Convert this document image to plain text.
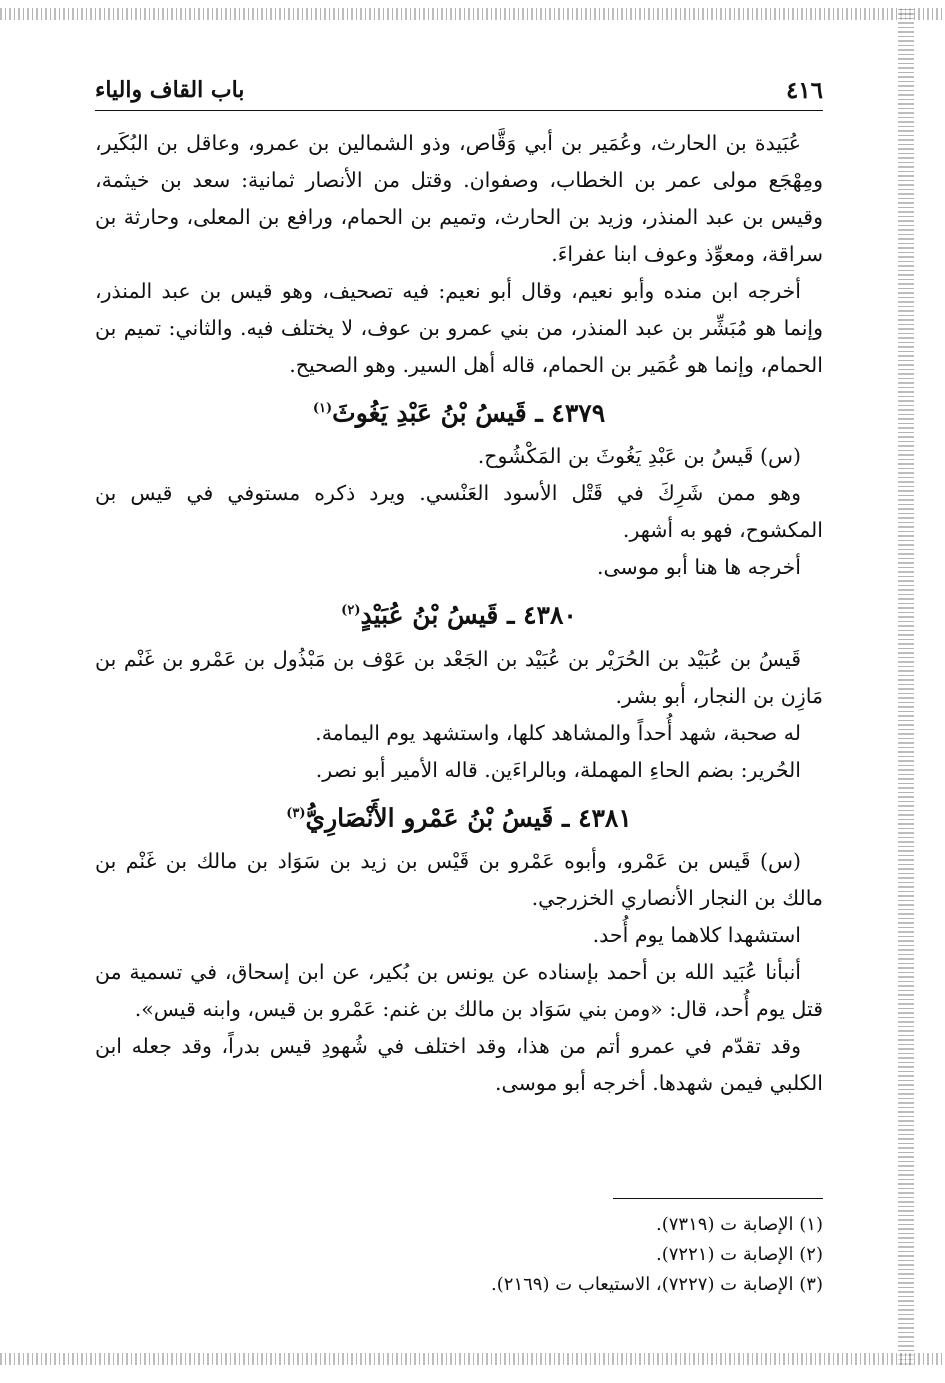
٤١٦
باب القاف والياء

عُبَيدة بن الحارث، وعُمَير بن أبي وَقَّاص، وذو الشمالين بن عمرو، وعاقل بن البُكَير، ومِهْجَع مولى عمر بن الخطاب، وصفوان. وقتل من الأنصار ثمانية: سعد بن خيثمة، وقيس بن عبد المنذر، وزيد بن الحارث، وتميم بن الحمام، ورافع بن المعلى، وحارثة بن سراقة، ومعوِّذ وعوف ابنا عفراءَ.

أخرجه ابن منده وأبو نعيم، وقال أبو نعيم: فيه تصحيف، وهو قيس بن عبد المنذر، وإنما هو مُبَشِّر بن عبد المنذر، من بني عمرو بن عوف، لا يختلف فيه. والثاني: تميم بن الحمام، وإنما هو عُمَير بن الحمام، قاله أهل السير. وهو الصحيح.

٤٣٧٩ ـ قَيسُ بْنُ عَبْدِ يَغُوثَ$^{(١)}$

(س) قَيسُ بن عَبْدِ يَغُوثَ بن المَكْشُوح.

وهو ممن شَرِكَ في قَتْل الأسود العَنْسي. ويرد ذكره مستوفي في قيس بن المكشوح، فهو به أشهر.

أخرجه ها هنا أبو موسى.

٤٣٨٠ ـ قَيسُ بْنُ عُبَيْدٍ$^{(٢)}$

قَيسُ بن عُبَيْد بن الحُرَيْر بن عُبَيْد بن الجَعْد بن عَوْف بن مَبْذُول بن عَمْرو بن غَنْم بن مَازِن بن النجار، أبو بشر.

له صحبة، شهد أُحداً والمشاهد كلها، واستشهد يوم اليمامة.

الحُرير: بضم الحاءِ المهملة، وبالراءَين. قاله الأمير أبو نصر.

٤٣٨١ ـ قَيسُ بْنُ عَمْرو الأَنْصَارِيُّ$^{(٣)}$

(س) قَيس بن عَمْرو، وأبوه عَمْرو بن قَيْس بن زيد بن سَوَاد بن مالك بن غَنْم بن مالك بن النجار الأنصاري الخزرجي.

استشهدا كلاهما يوم أُحد.

أنبأنا عُبَيد الله بن أحمد بإسناده عن يونس بن بُكير، عن ابن إسحاق، في تسمية من قتل يوم أُحد، قال: «ومن بني سَوَاد بن مالك بن غنم: عَمْرو بن قيس، وابنه قيس».

وقد تقدّم في عمرو أتم من هذا، وقد اختلف في شُهودِ قيس بدراً، وقد جعله ابن الكلبي فيمن شهدها. أخرجه أبو موسى.

(١) الإصابة ت (٧٣١٩).
(٢) الإصابة ت (٧٢٢١).
(٣) الإصابة ت (٧٢٢٧)، الاستيعاب ت (٢١٦٩).
